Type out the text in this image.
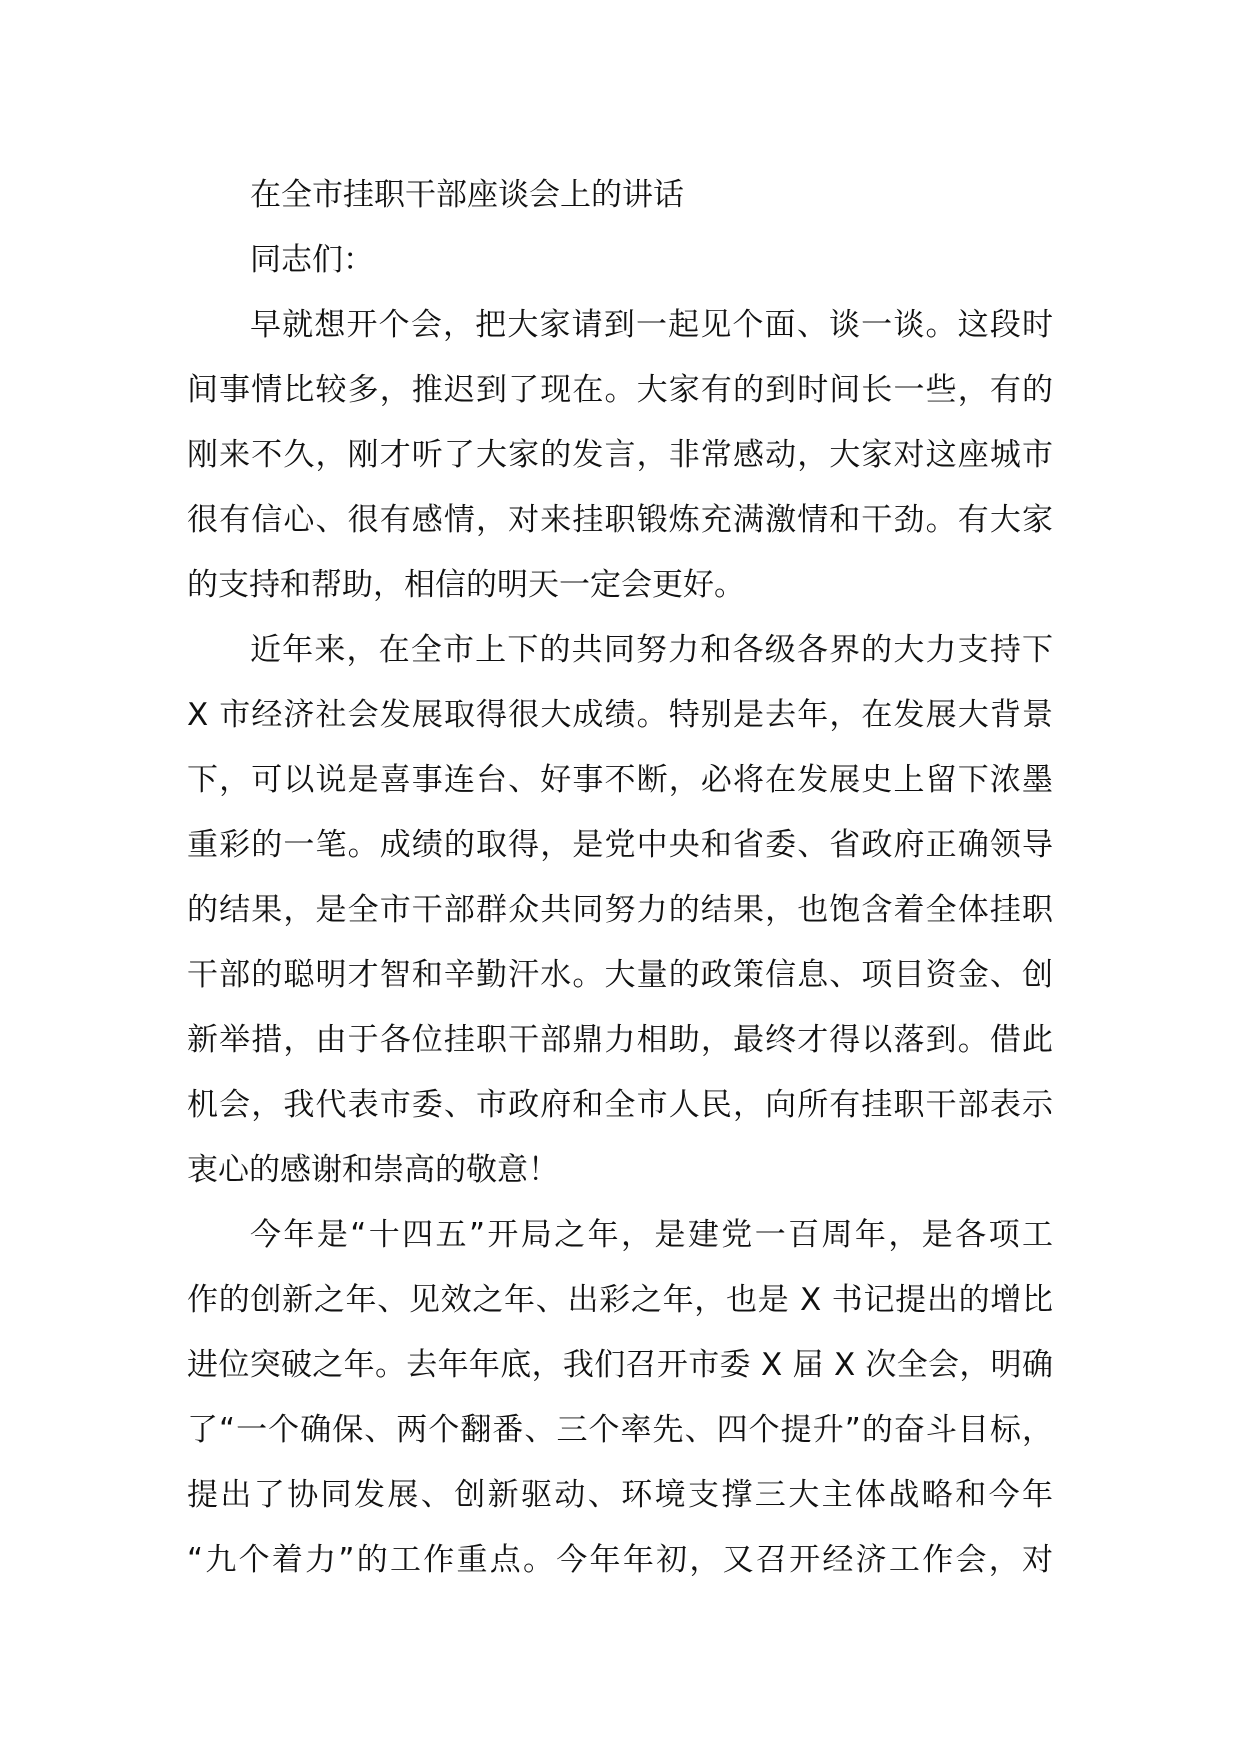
在全市挂职干部座谈会上的讲话
同志们：
早就想开个会，把大家请到一起见个面、谈一谈。这段时
间事情比较多，推迟到了现在。大家有的到时间长一些，有的
刚来不久，刚才听了大家的发言，非常感动，大家对这座城市
很有信心、很有感情，对来挂职锻炼充满激情和干劲。有大家
的支持和帮助，相信的明天一定会更好。
近年来，在全市上下的共同努力和各级各界的大力支持下
X 市经济社会发展取得很大成绩。特别是去年，在发展大背景
下，可以说是喜事连台、好事不断，必将在发展史上留下浓墨
重彩的一笔。成绩的取得，是党中央和省委、省政府正确领导
的结果，是全市干部群众共同努力的结果，也饱含着全体挂职
干部的聪明才智和辛勤汗水。大量的政策信息、项目资金、创
新举措，由于各位挂职干部鼎力相助，最终才得以落到。借此
机会，我代表市委、市政府和全市人民，向所有挂职干部表示
衷心的感谢和崇高的敬意！
今年是“十四五”开局之年，是建党一百周年，是各项工
作的创新之年、见效之年、出彩之年，也是 X 书记提出的增比
进位突破之年。去年年底，我们召开市委 X 届 X 次全会，明确
了“一个确保、两个翻番、三个率先、四个提升”的奋斗目标，
提出了协同发展、创新驱动、环境支撑三大主体战略和今年
“九个着力”的工作重点。今年年初，又召开经济工作会，对
